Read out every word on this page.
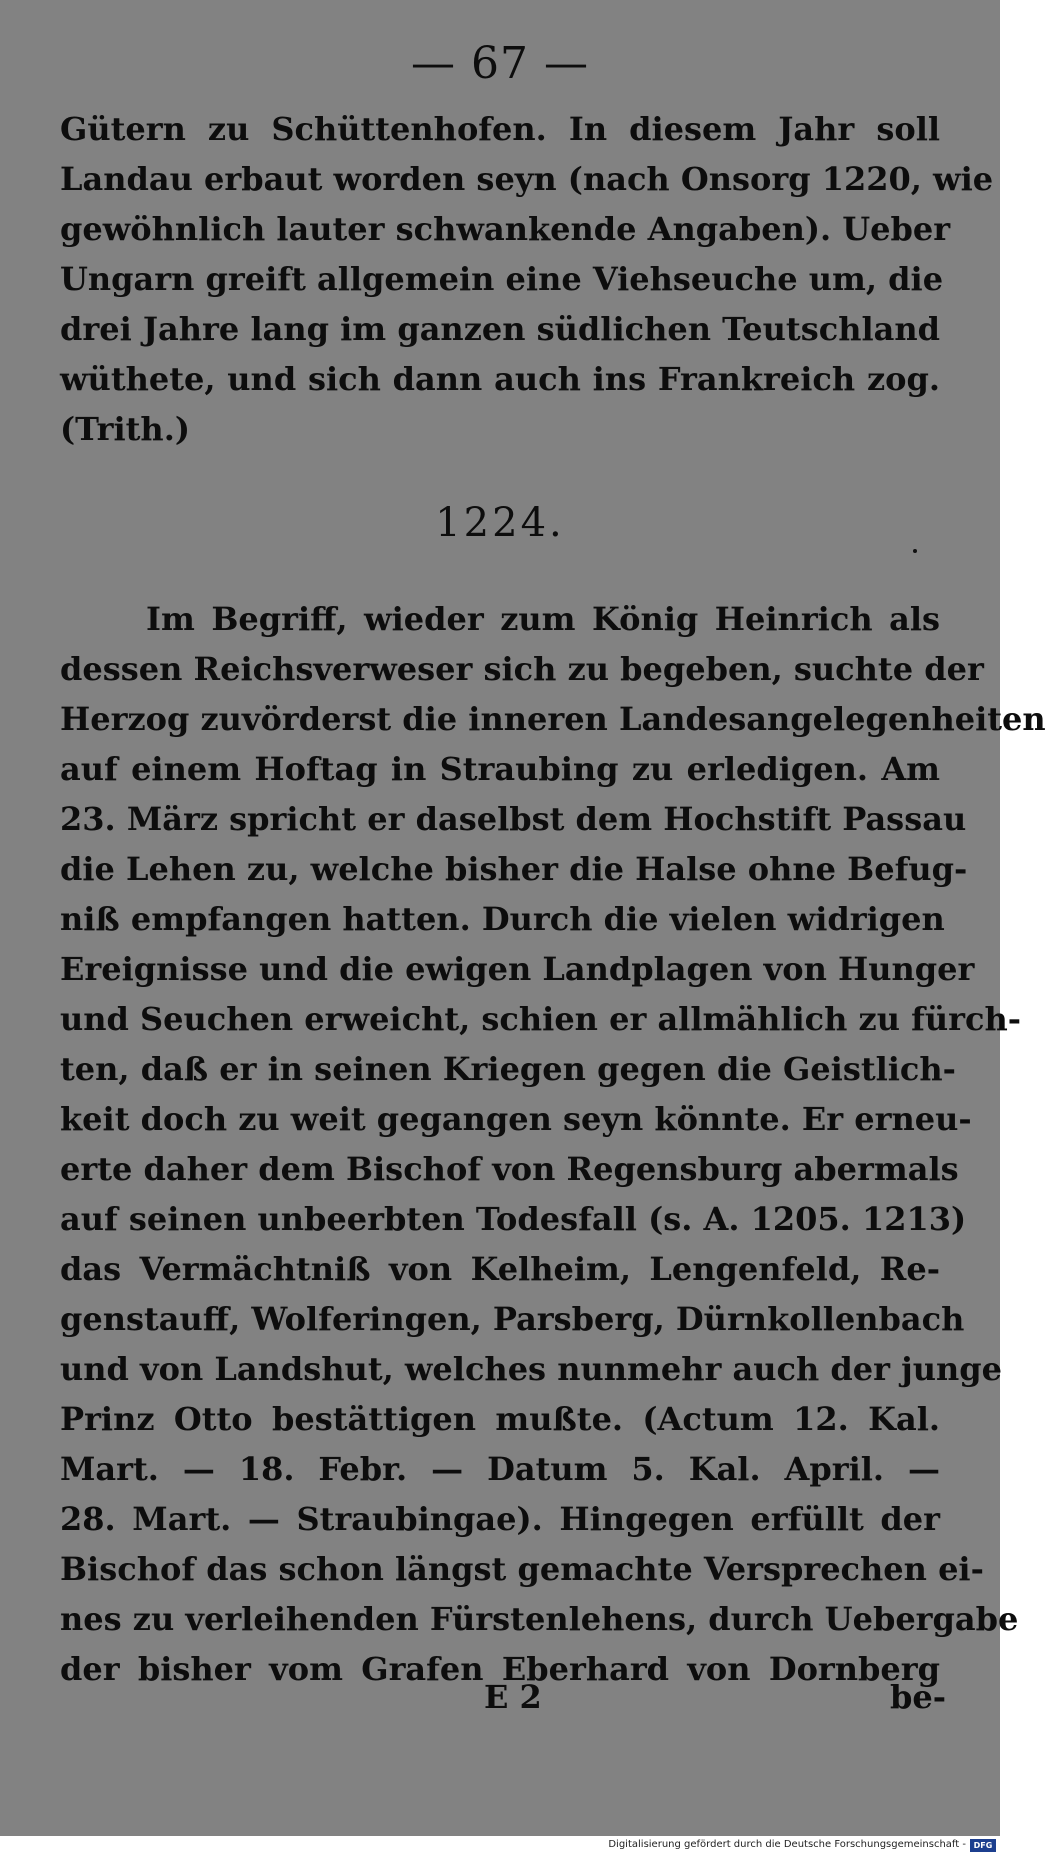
— 67 —
Gütern zu Schüttenhofen. In diesem Jahr soll
Landau erbaut worden seyn (nach Onsorg 1220, wie
gewöhnlich lauter schwankende Angaben). Ueber
Ungarn greift allgemein eine Viehseuche um, die
drei Jahre lang im ganzen südlichen Teutschland
wüthete, und sich dann auch ins Frankreich zog.
(Trith.)
1224.
Im Begriff, wieder zum König Heinrich als
dessen Reichsverweser sich zu begeben, suchte der
Herzog zuvörderst die inneren Landesangelegenheiten
auf einem Hoftag in Straubing zu erledigen. Am
23. März spricht er daselbst dem Hochstift Passau
die Lehen zu, welche bisher die Halse ohne Befug-
niß empfangen hatten. Durch die vielen widrigen
Ereignisse und die ewigen Landplagen von Hunger
und Seuchen erweicht, schien er allmählich zu fürch-
ten, daß er in seinen Kriegen gegen die Geistlich-
keit doch zu weit gegangen seyn könnte. Er erneu-
erte daher dem Bischof von Regensburg abermals
auf seinen unbeerbten Todesfall (s. A. 1205. 1213)
das Vermächtniß von Kelheim, Lengenfeld, Re-
genstauff, Wolferingen, Parsberg, Dürnkollenbach
und von Landshut, welches nunmehr auch der junge
Prinz Otto bestättigen mußte. (Actum 12. Kal.
Mart. — 18. Febr. — Datum 5. Kal. April. —
28. Mart. — Straubingae). Hingegen erfüllt der
Bischof das schon längst gemachte Versprechen ei-
nes zu verleihenden Fürstenlehens, durch Uebergabe
der bisher vom Grafen Eberhard von Dornberg
E 2	be-
Digitalisierung gefördert durch die Deutsche Forschungsgemeinschaft - DFG
